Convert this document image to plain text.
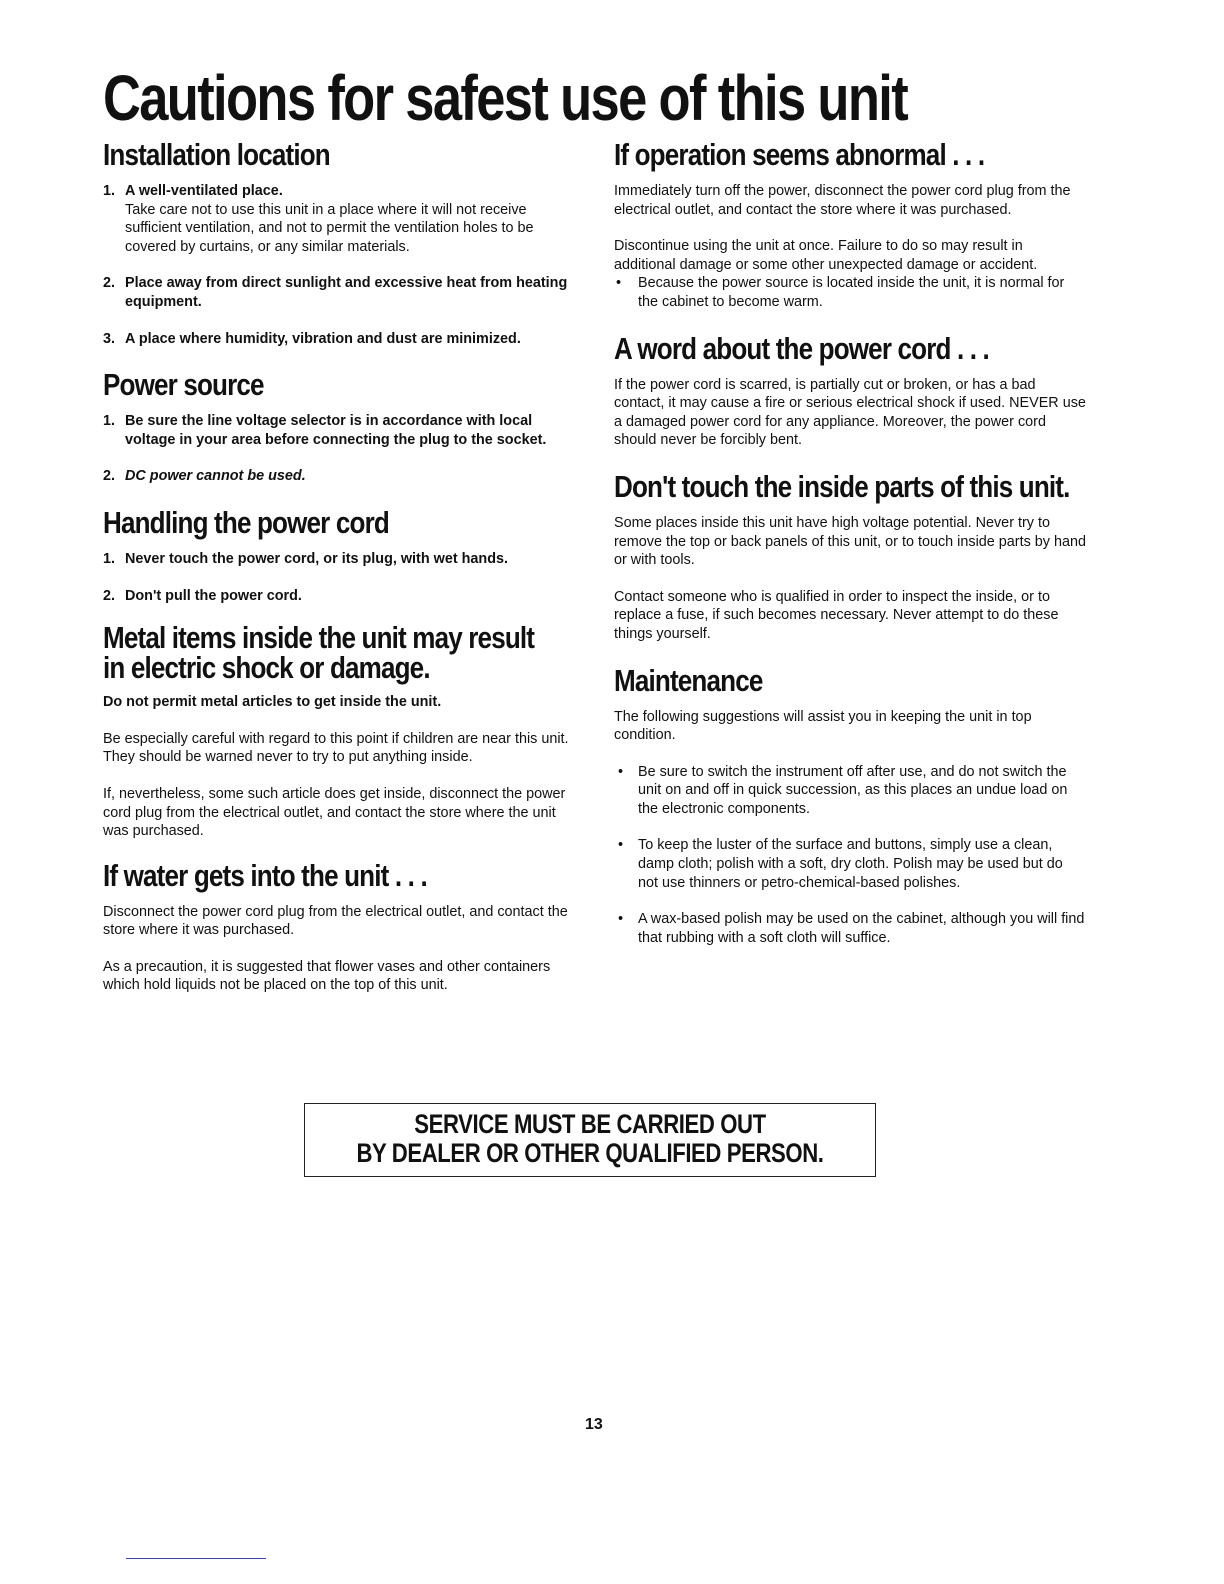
Cautions for safest use of this unit
Installation location
1. A well-ventilated place.
Take care not to use this unit in a place where it will not receive sufficient ventilation, and not to permit the ventilation holes to be covered by curtains, or any similar materials.
2. Place away from direct sunlight and excessive heat from heating equipment.
3. A place where humidity, vibration and dust are minimized.
Power source
1. Be sure the line voltage selector is in accordance with local voltage in your area before connecting the plug to the socket.
2. DC power cannot be used.
Handling the power cord
1. Never touch the power cord, or its plug, with wet hands.
2. Don't pull the power cord.
Metal items inside the unit may result
in electric shock or damage.

Do not permit metal articles to get inside the unit.

Be especially careful with regard to this point if children are near this unit. They should be warned never to try to put anything inside.

If, nevertheless, some such article does get inside, disconnect the power cord plug from the electrical outlet, and contact the store where the unit was purchased.

If water gets into the unit . . .

Disconnect the power cord plug from the electrical outlet, and contact the store where it was purchased.

As a precaution, it is suggested that flower vases and other containers which hold liquids not be placed on the top of this unit.

If operation seems abnormal . . .

Immediately turn off the power, disconnect the power cord plug from the electrical outlet, and contact the store where it was purchased.

Discontinue using the unit at once. Failure to do so may result in additional damage or some other unexpected damage or accident.

•	Because the power source is located inside the unit, it is normal for the cabinet to become warm.
A word about the power cord . . .

If the power cord is scarred, is partially cut or broken, or has a bad contact, it may cause a fire or serious electrical shock if used. NEVER use a damaged power cord for any appliance. Moreover, the power cord should never be forcibly bent.

Don't touch the inside parts of this unit.

Some places inside this unit have high voltage potential. Never try to remove the top or back panels of this unit, or to touch inside parts by hand or with tools.

Contact someone who is qualified in order to inspect the inside, or to replace a fuse, if such becomes necessary. Never attempt to do these things yourself.

Maintenance

The following suggestions will assist you in keeping the unit in top condition.

•	Be sure to switch the instrument off after use, and do not switch the unit on and off in quick succession, as this places an undue load on the electronic components.
•	To keep the luster of the surface and buttons, simply use a clean, damp cloth; polish with a soft, dry cloth. Polish may be used but do not use thinners or petro-chemical-based polishes.
•	A wax-based polish may be used on the cabinet, although you will find that rubbing with a soft cloth will suffice.
SERVICE MUST BE CARRIED OUT
BY DEALER OR OTHER QUALIFIED PERSON.
13
